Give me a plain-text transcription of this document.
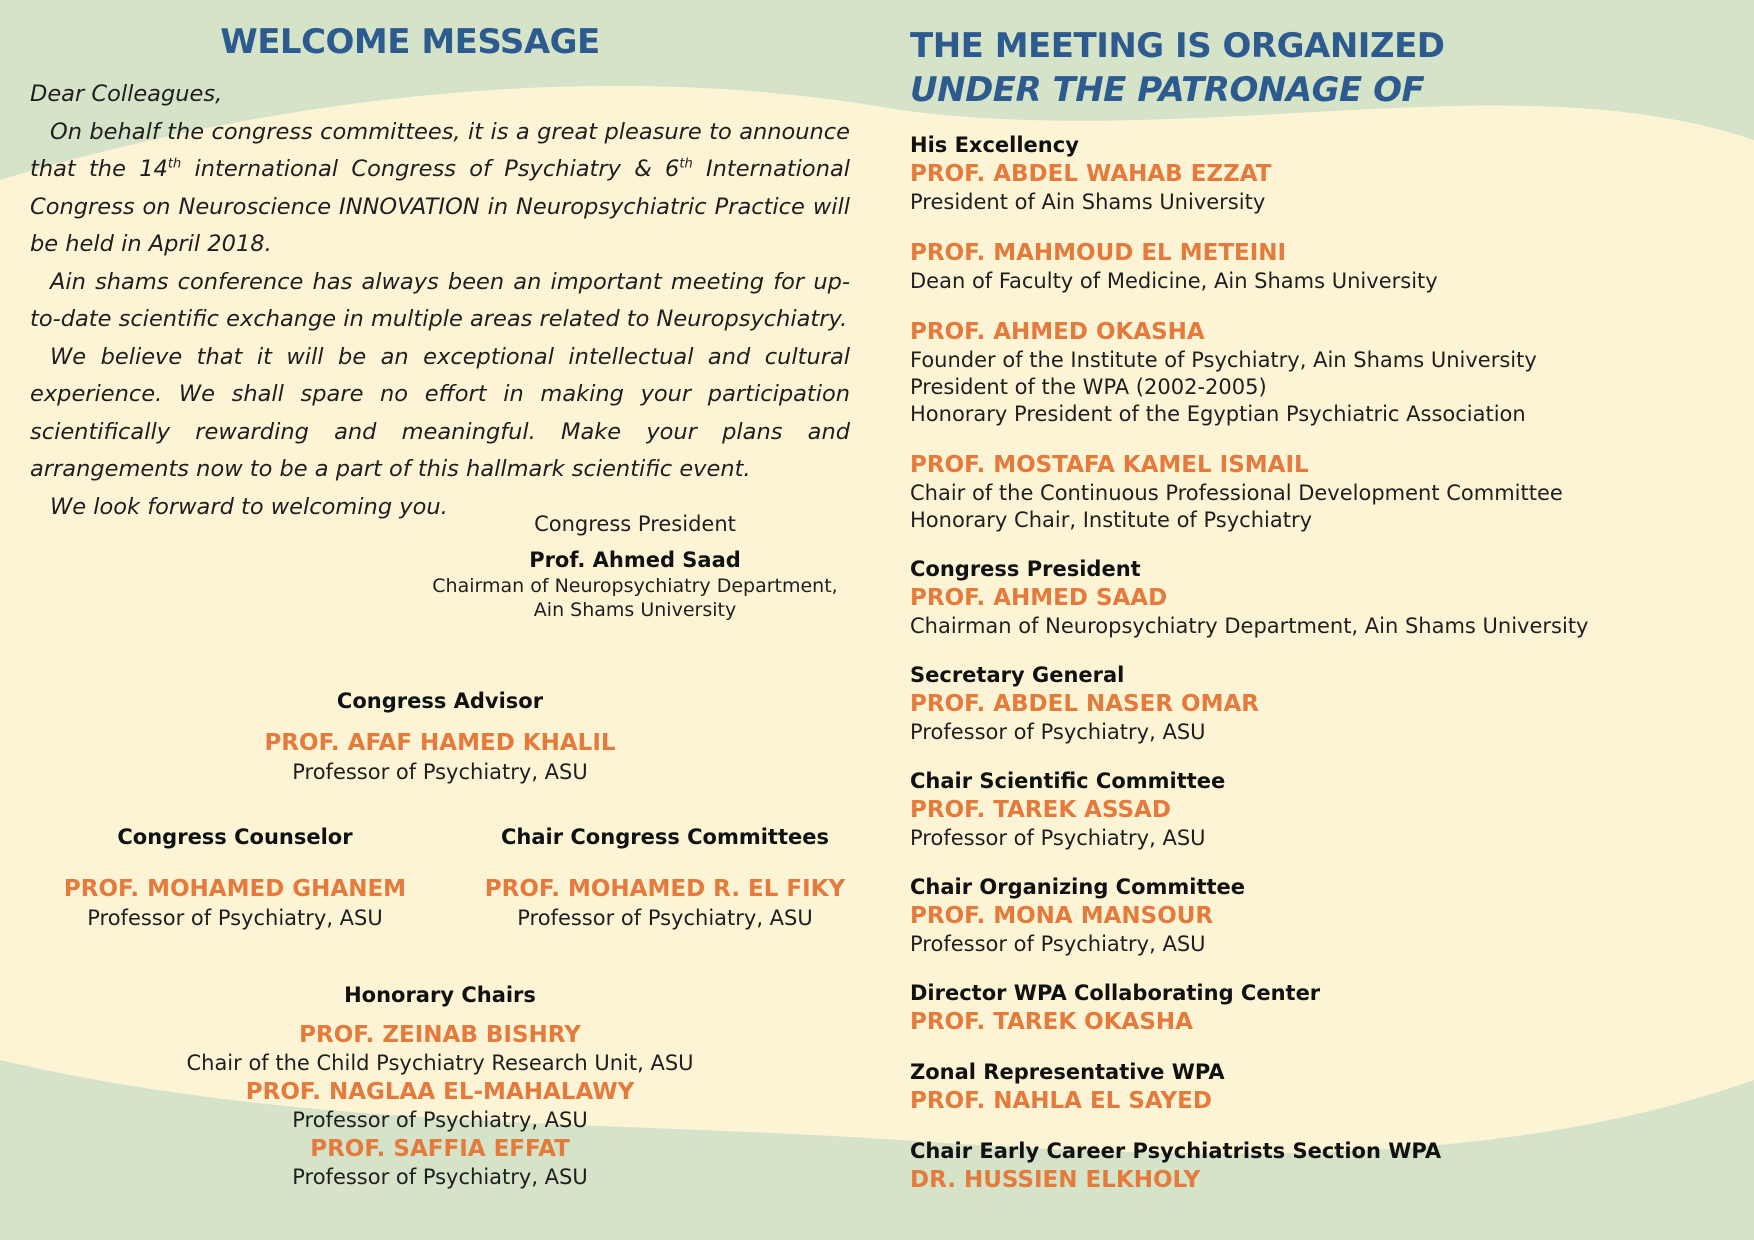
WELCOME MESSAGE

Dear Colleagues,

On behalf the congress committees, it is a great pleasure to announce that the 14th international Congress of Psychiatry & 6th International Congress on Neuroscience INNOVATION in Neuropsychiatric Practice will be held in April 2018.

Ain shams conference has always been an important meeting for up-to-date scientific exchange in multiple areas related to Neuropsychiatry.

We believe that it will be an exceptional intellectual and cultural experience. We shall spare no effort in making your participation scientifically rewarding and meaningful. Make your plans and arrangements now to be a part of this hallmark scientific event.

We look forward to welcoming you.

Congress President
Prof. Ahmed Saad
Chairman of Neuropsychiatry Department,
Ain Shams University
Congress Advisor
PROF. AFAF HAMED KHALIL
Professor of Psychiatry, ASU
Congress Counselor
PROF. MOHAMED GHANEM
Professor of Psychiatry, ASU
Chair Congress Committees
PROF. MOHAMED R. EL FIKY
Professor of Psychiatry, ASU
Honorary Chairs
PROF. ZEINAB BISHRY
Chair of the Child Psychiatry Research Unit, ASU
PROF. NAGLAA EL-MAHALAWY
Professor of Psychiatry, ASU
PROF. SAFFIA EFFAT
Professor of Psychiatry, ASU
THE MEETING IS ORGANIZED
UNDER THE PATRONAGE OF
His Excellency
PROF. ABDEL WAHAB EZZAT
President of Ain Shams University
PROF. MAHMOUD EL METEINI
Dean of Faculty of Medicine, Ain Shams University
PROF. AHMED OKASHA
Founder of the Institute of Psychiatry, Ain Shams University
President of the WPA (2002-2005)
Honorary President of the Egyptian Psychiatric Association
PROF. MOSTAFA KAMEL ISMAIL
Chair of the Continuous Professional Development Committee
Honorary Chair, Institute of Psychiatry
Congress President
PROF. AHMED SAAD
Chairman of Neuropsychiatry Department, Ain Shams University
Secretary General
PROF. ABDEL NASER OMAR
Professor of Psychiatry, ASU
Chair Scientific Committee
PROF. TAREK ASSAD
Professor of Psychiatry, ASU
Chair Organizing Committee
PROF. MONA MANSOUR
Professor of Psychiatry, ASU
Director WPA Collaborating Center
PROF. TAREK OKASHA
Zonal Representative WPA
PROF. NAHLA EL SAYED
Chair Early Career Psychiatrists Section WPA
DR. HUSSIEN ELKHOLY
